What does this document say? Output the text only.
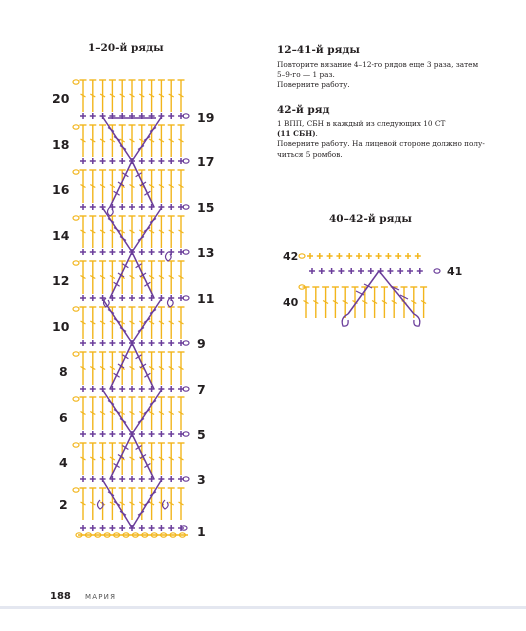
1–20-й ряды	12–41-й ряды
Повторите вязание 4–12-го рядов еще 3 раза, затем
5–9-го — 1 раз.
Поверните работу.
42-й ряд
1 ВПП, СБН в каждый из следующих 10 СТ
(11 СБН).
Поверните работу. На лицевой стороне должно полу-
читься 5 ромбов.
40–42-й ряды
20
18
16
14
12
10
8
6
4
2
19
17
15
13
11
9
7
5
3
1
42
41
40
188 МАРИЯ
